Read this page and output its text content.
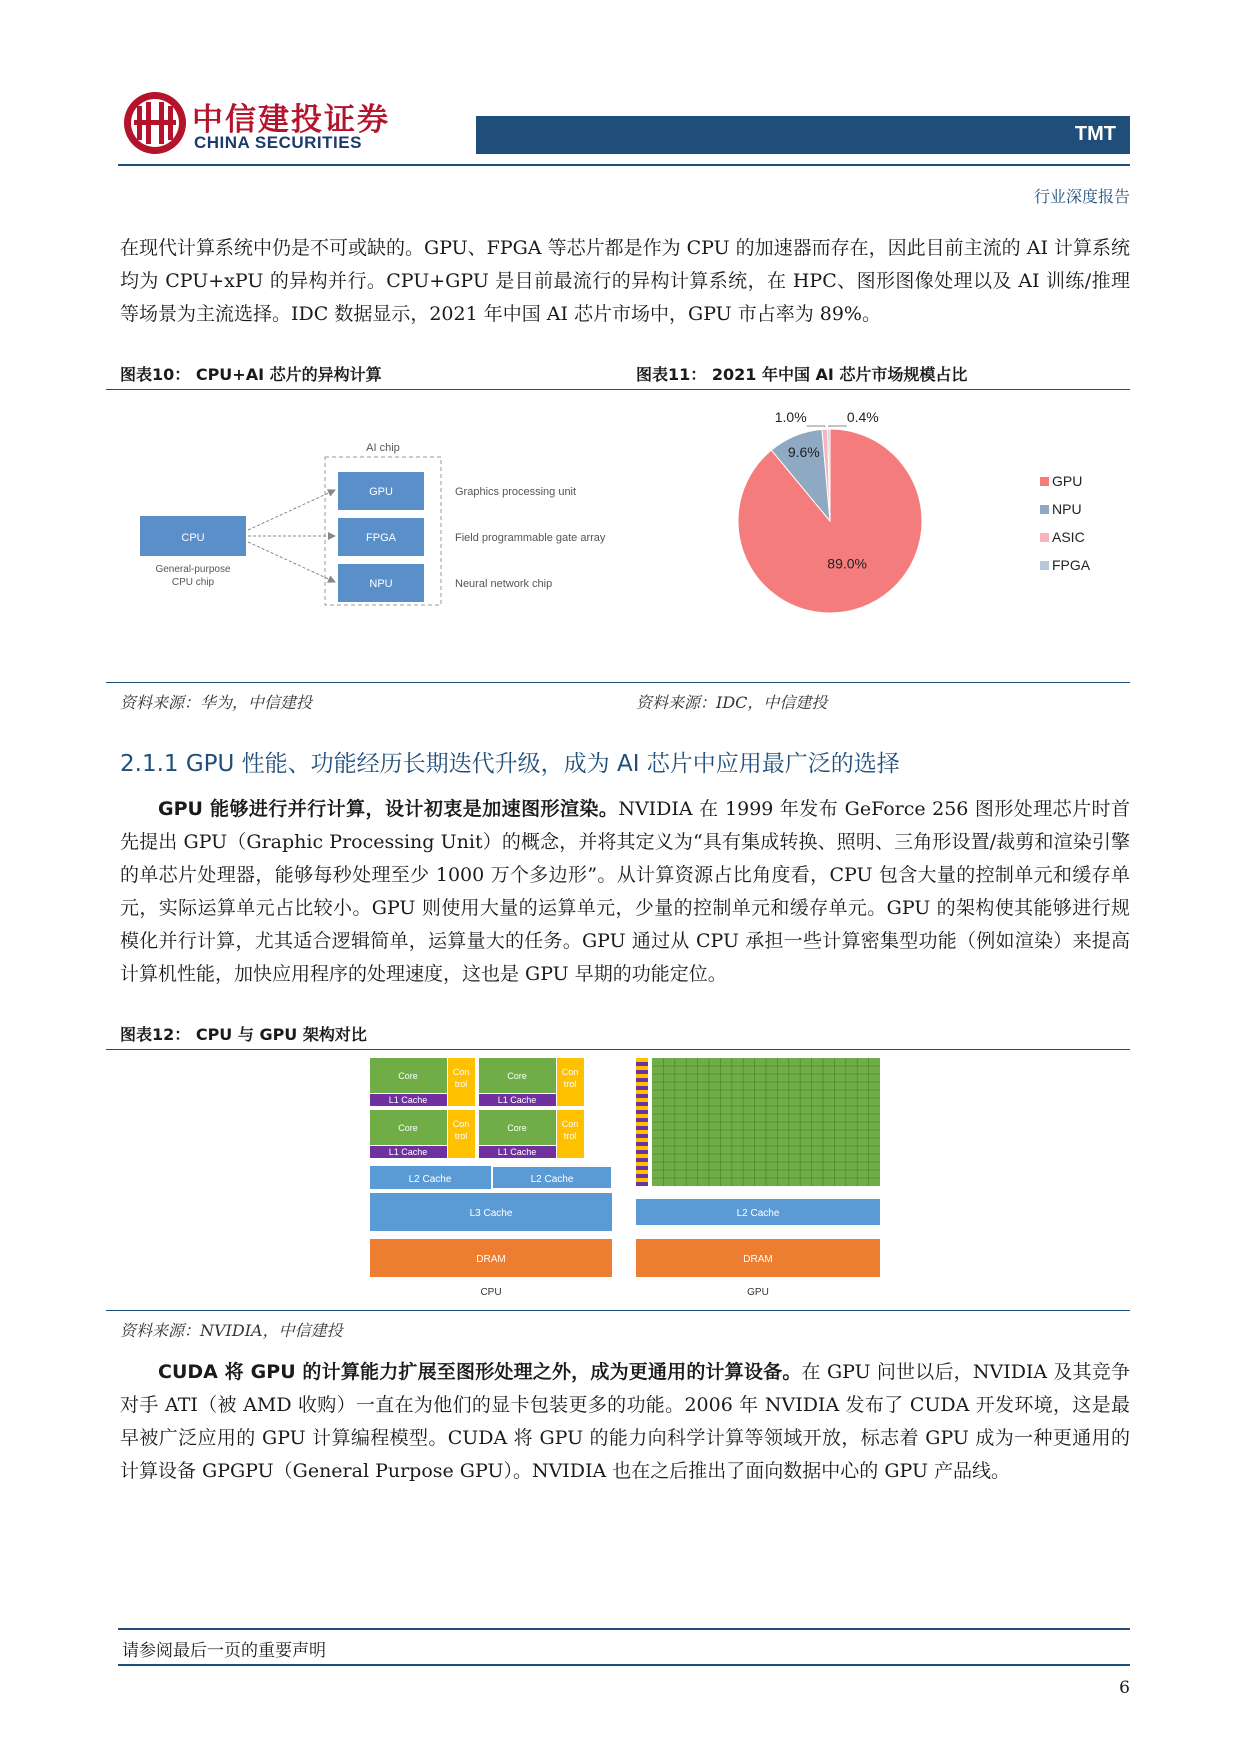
中信建投证券
CHINA SECURITIES	TMT
行业深度报告
在现代计算系统中仍是不可或缺的。GPU、FPGA 等芯片都是作为 CPU 的加速器而存在，因此目前主流的 AI 计算系统均为 CPU+xPU 的异构并行。CPU+GPU 是目前最流行的异构计算系统，在 HPC、图形图像处理以及 AI 训练/推理等场景为主流选择。IDC 数据显示，2021 年中国 AI 芯片市场中，GPU 市占率为 89%。
图表10： CPU+AI 芯片的异构计算	图表11： 2021 年中国 AI 芯片市场规模占比
AI chip
CPU
General-purpose
CPU chip
GPU	Graphics processing unit
FPGA	Field programmable gate array
NPU	Neural network chip
89.0%
9.6%
1.0%	0.4%
GPU
NPU
ASIC
FPGA
资料来源：华为，中信建投	资料来源：IDC，中信建投
2.1.1 GPU 性能、功能经历长期迭代升级，成为 AI 芯片中应用最广泛的选择
GPU 能够进行并行计算，设计初衷是加速图形渲染。NVIDIA 在 1999 年发布 GeForce 256 图形处理芯片时首先提出 GPU（Graphic Processing Unit）的概念，并将其定义为“具有集成转换、照明、三角形设置/裁剪和渲染引擎的单芯片处理器，能够每秒处理至少 1000 万个多边形”。从计算资源占比角度看，CPU 包含大量的控制单元和缓存单元，实际运算单元占比较小。GPU 则使用大量的运算单元，少量的控制单元和缓存单元。GPU 的架构使其能够进行规模化并行计算，尤其适合逻辑简单，运算量大的任务。GPU 通过从 CPU 承担一些计算密集型功能（例如渲染）来提高计算机性能，加快应用程序的处理速度，这也是 GPU 早期的功能定位。
图表12： CPU 与 GPU 架构对比
Core	Con
trol
L1 Cache
Core	Con
trol
L1 Cache
Core	Con
trol
L1 Cache
Core	Con
trol
L1 Cache
L2 Cache	L2 Cache
L3 Cache
DRAM
CPU
L2 Cache
DRAM
GPU
资料来源：NVIDIA，中信建投
CUDA 将 GPU 的计算能力扩展至图形处理之外，成为更通用的计算设备。在 GPU 问世以后，NVIDIA 及其竞争对手 ATI（被 AMD 收购）一直在为他们的显卡包装更多的功能。2006 年 NVIDIA 发布了 CUDA 开发环境，这是最早被广泛应用的 GPU 计算编程模型。CUDA 将 GPU 的能力向科学计算等领域开放，标志着 GPU 成为一种更通用的计算设备 GPGPU（General Purpose GPU）。NVIDIA 也在之后推出了面向数据中心的 GPU 产品线。
请参阅最后一页的重要声明
6
